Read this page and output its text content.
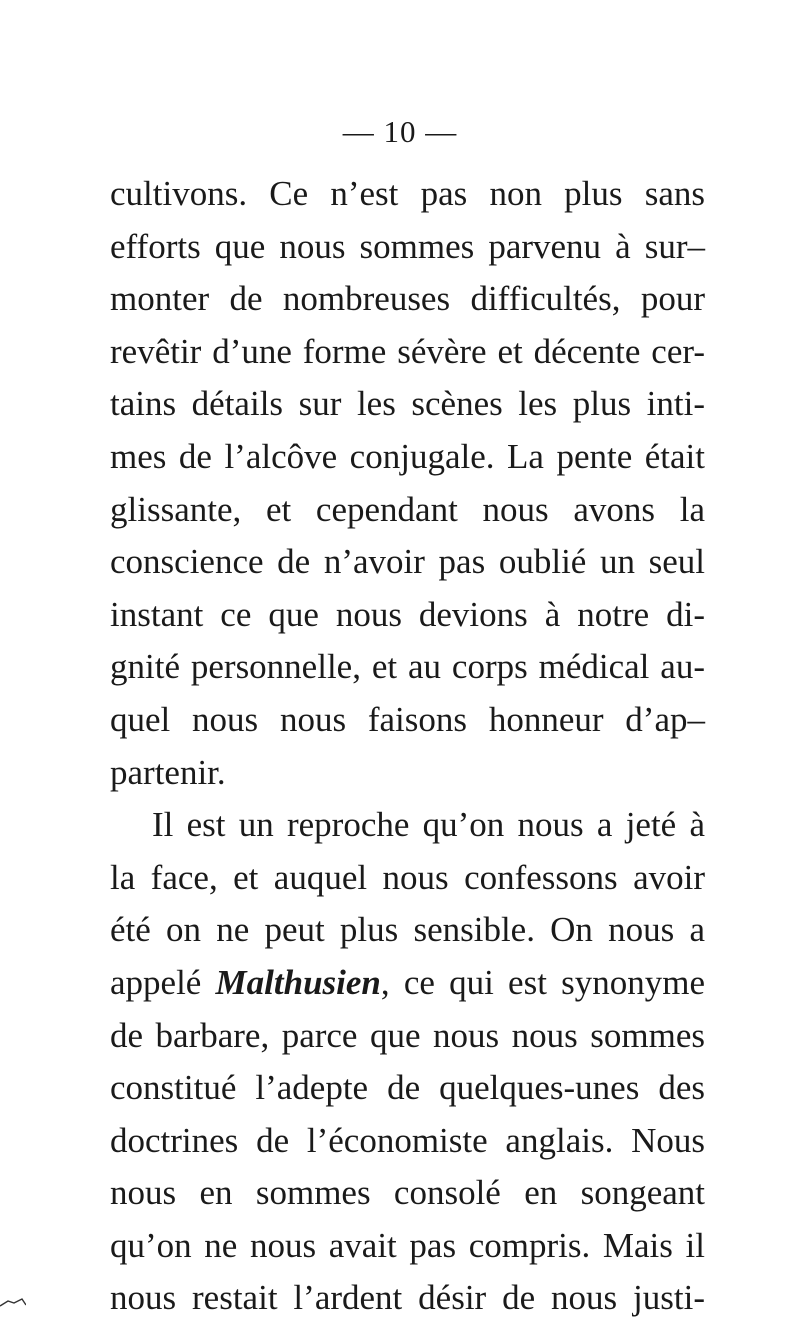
— 10 —
cultivons. Ce n’est pas non plus sans
efforts que nous sommes parvenu à sur–
monter de nombreuses difficultés, pour
revêtir d’une forme sévère et décente cer-
tains détails sur les scènes les plus inti-
mes de l’alcôve conjugale. La pente était
glissante, et cependant nous avons la
conscience de n’avoir pas oublié un seul
instant ce que nous devions à notre di-
gnité personnelle, et au corps médical au-
quel nous nous faisons honneur d’ap–
partenir.
Il est un reproche qu’on nous a jeté à
la face, et auquel nous confessons avoir
été on ne peut plus sensible. On nous a
appelé Malthusien, ce qui est synonyme
de barbare, parce que nous nous sommes
constitué l’adepte de quelques-unes des
doctrines de l’économiste anglais. Nous
nous en sommes consolé en songeant
qu’on ne nous avait pas compris. Mais il
nous restait l’ardent désir de nous justi-
